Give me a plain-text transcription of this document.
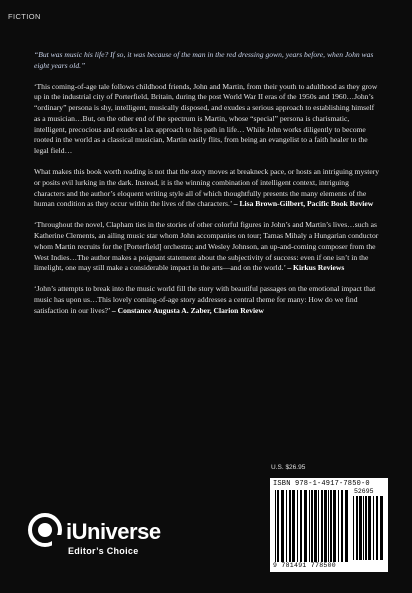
FICTION

“But was music his life? If so, it was because of the man in the red dressing gown, years before, when John was eight years old.”

‘This coming-of-age tale follows childhood friends, John and Martin, from their youth to adulthood as they grow up in the industrial city of Porterfield, Britain, during the post World War II eras of the 1950s and 1960…John’s “ordinary” persona is shy, intelligent, musically disposed, and exudes a serious approach to establishing himself as a musician…But, on the other end of the spectrum is Martin, whose “special” persona is charismatic, intelligent, precocious and exudes a lax approach to his path in life… While John works diligently to become rooted in the world as a classical musician, Martin easily flits, from being an evangelist to a faith healer to the legal field…

What makes this book worth reading is not that the story moves at breakneck pace, or hosts an intriguing mystery or posits evil lurking in the dark. Instead, it is the winning combination of intelligent context, intriguing characters and the author’s eloquent writing style all of which thoughtfully presents the many elements of the human condition as they occur within the lives of the characters.’ – Lisa Brown-Gilbert, Pacific Book Review

‘Throughout the novel, Clapham ties in the stories of other colorful figures in John’s and Martin’s lives…such as Katherine Clements, an ailing music star whom John accompanies on tour; Tamas Mihaly a Hungarian conductor whom Martin recruits for the [Porterfield] orchestra; and Wesley Johnson, an up-and-coming composer from the West Indies…The author makes a poignant statement about the subjectivity of success: even if one isn’t in the limelight, one may still make a considerable impact in the arts—and on the world.’ – Kirkus Reviews

‘John’s attempts to break into the music world fill the story with beautiful passages on the emotional impact that music has upon us…This lovely coming-of-age story addresses a central theme for many: How do we find satisfaction in our lives?’ – Constance Augusta A. Zaber, Clarion Review

U.S. $26.95
ISBN 978-1-4917-7850-0
52695
9 781491 778500
iUniverse
Editor’s Choice
